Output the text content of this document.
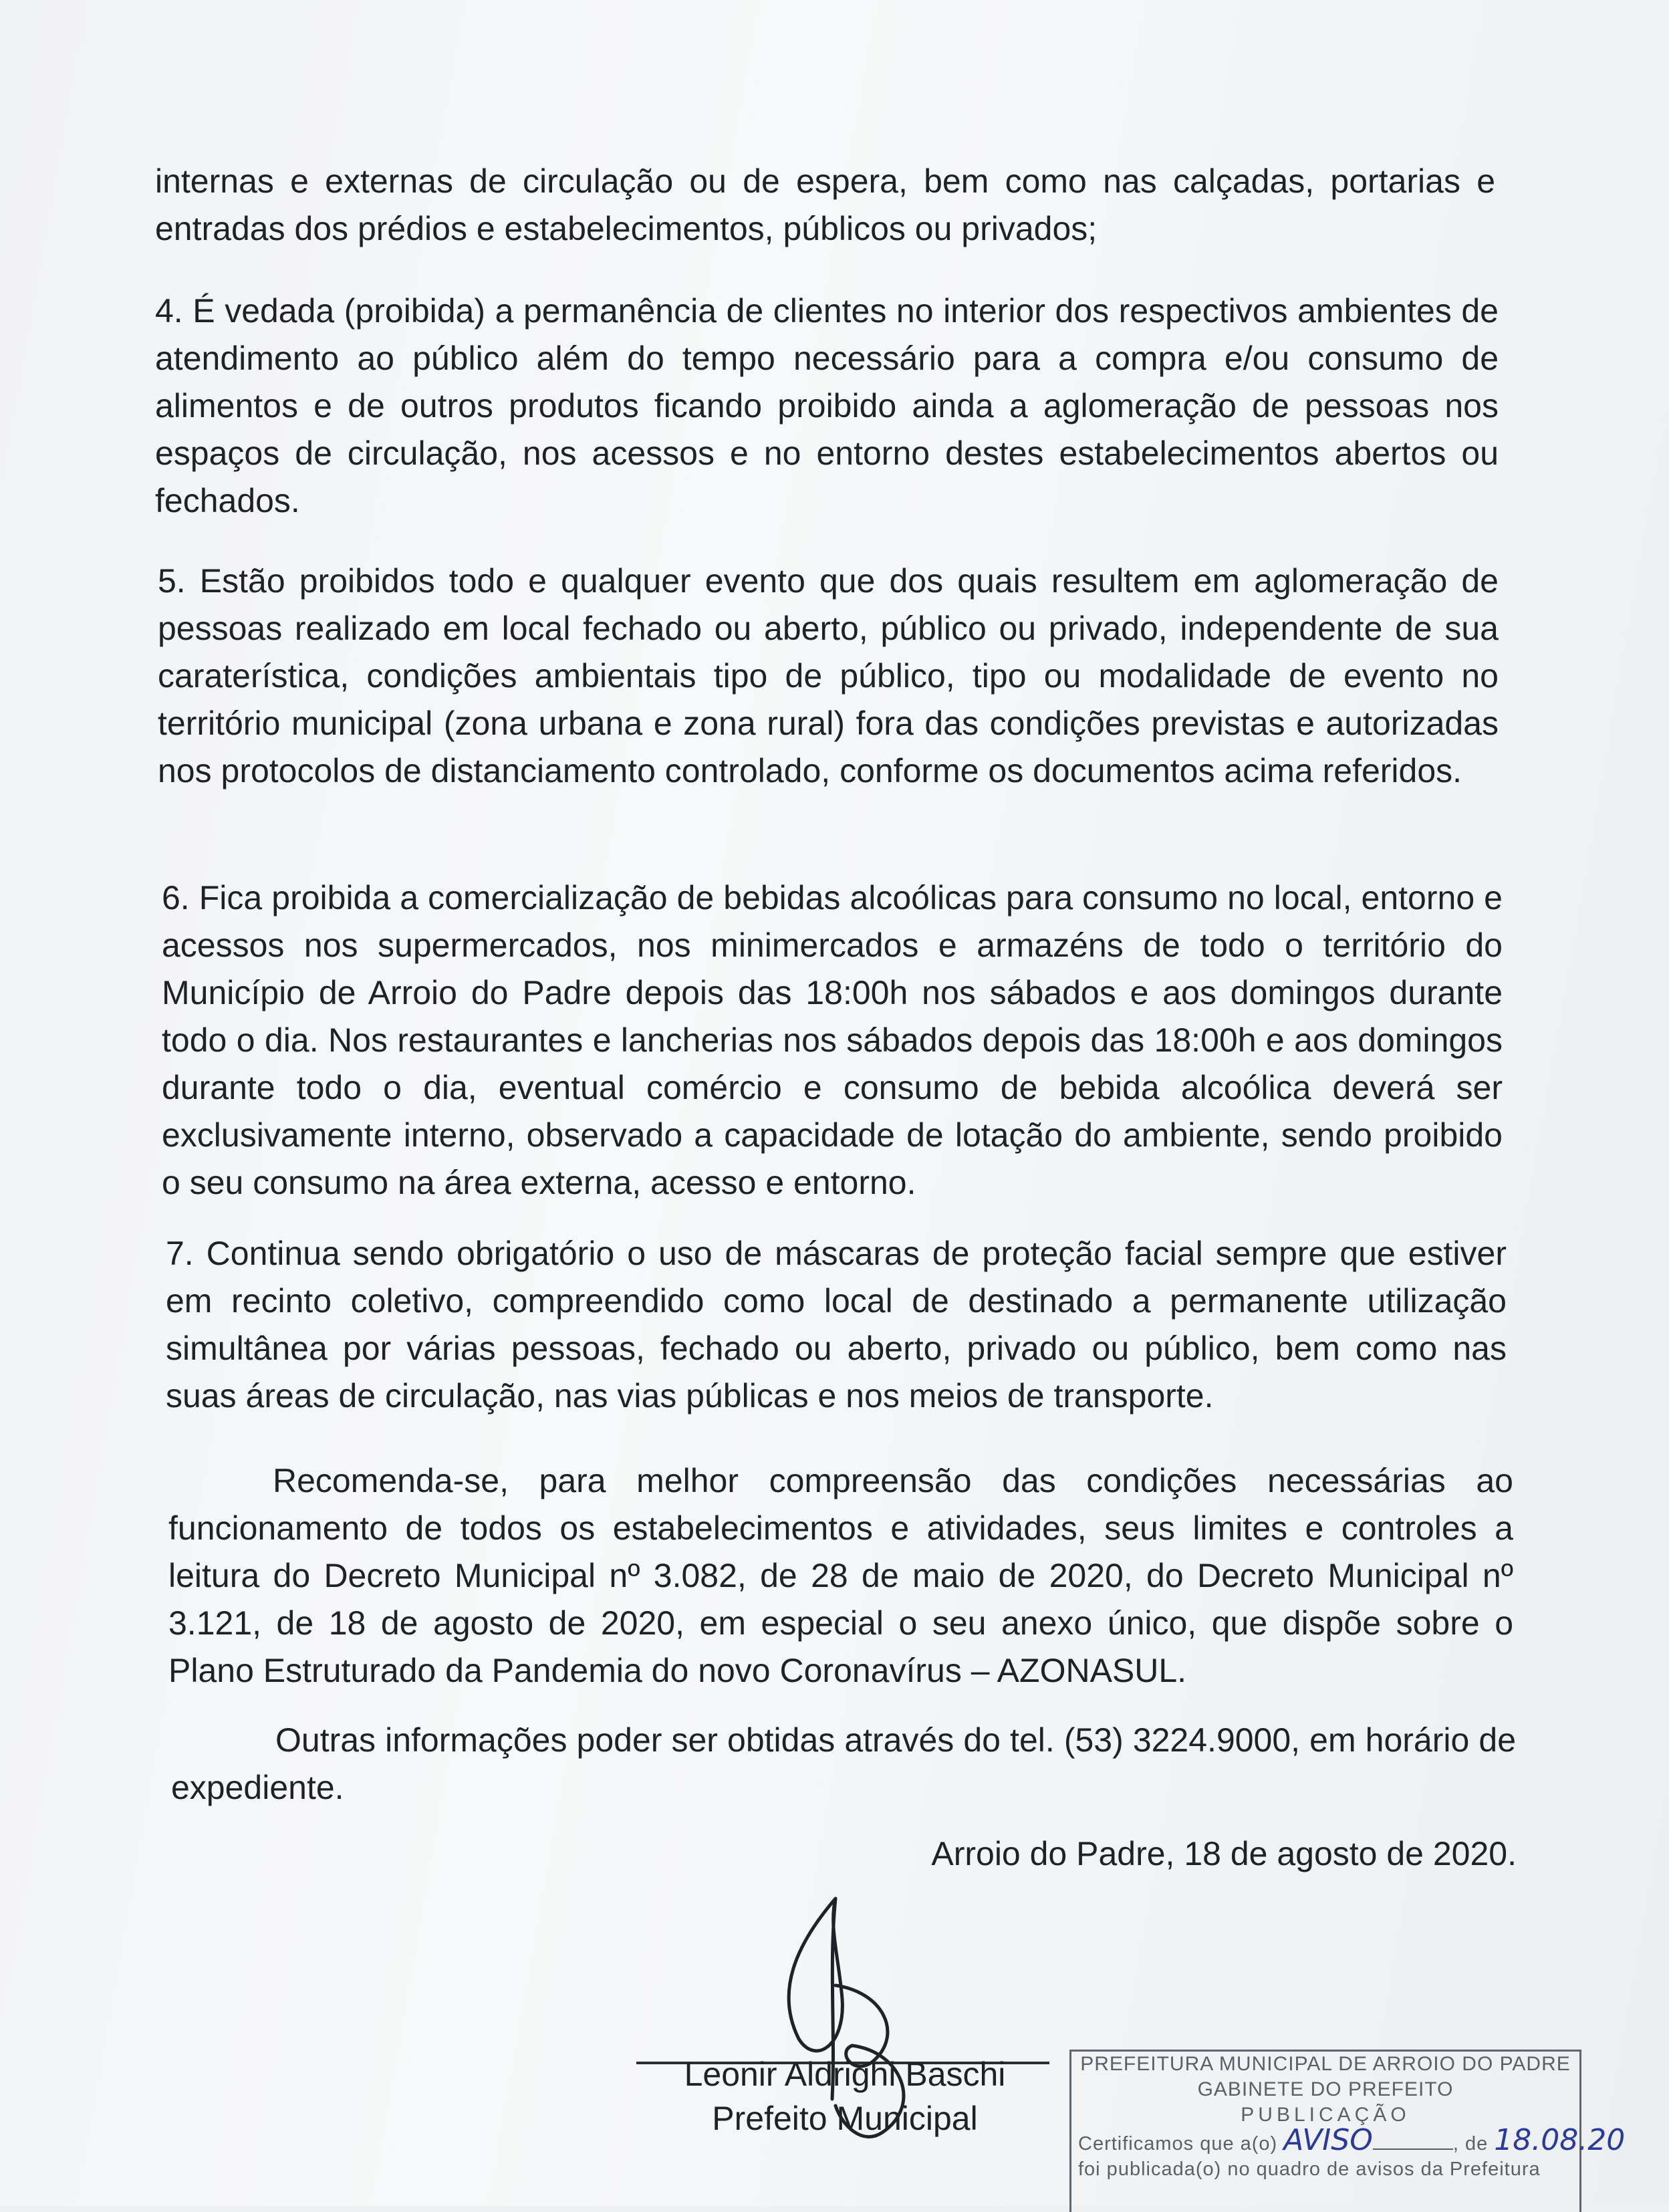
internas e externas de circulação ou de espera, bem como nas calçadas, portarias e entradas dos prédios e estabelecimentos, públicos ou privados;

4. É vedada (proibida) a permanência de clientes no interior dos respectivos ambientes de atendimento ao público além do tempo necessário para a compra e/ou consumo de alimentos e de outros produtos ficando proibido ainda a aglomeração de pessoas nos espaços de circulação, nos acessos e no entorno destes estabelecimentos abertos ou fechados.

5. Estão proibidos todo e qualquer evento que dos quais resultem em aglomeração de pessoas realizado em local fechado ou aberto, público ou privado, independente de sua caraterística, condições ambientais tipo de público, tipo ou modalidade de evento no território municipal (zona urbana e zona rural) fora das condições previstas e autorizadas nos protocolos de distanciamento controlado, conforme os documentos acima referidos.

6. Fica proibida a comercialização de bebidas alcoólicas para consumo no local, entorno e acessos nos supermercados, nos minimercados e armazéns de todo o território do Município de Arroio do Padre depois das 18:00h nos sábados e aos domingos durante todo o dia. Nos restaurantes e lancherias nos sábados depois das 18:00h e aos domingos durante todo o dia, eventual comércio e consumo de bebida alcoólica deverá ser exclusivamente interno, observado a capacidade de lotação do ambiente, sendo proibido o seu consumo na área externa, acesso e entorno.

7. Continua sendo obrigatório o uso de máscaras de proteção facial sempre que estiver em recinto coletivo, compreendido como local de destinado a permanente utilização simultânea por várias pessoas, fechado ou aberto, privado ou público, bem como nas suas áreas de circulação, nas vias públicas e nos meios de transporte.

Recomenda-se, para melhor compreensão das condições necessárias ao funcionamento de todos os estabelecimentos e atividades, seus limites e controles a leitura do Decreto Municipal nº 3.082, de 28 de maio de 2020, do Decreto Municipal nº 3.121, de 18 de agosto de 2020, em especial o seu anexo único, que dispõe sobre o Plano Estruturado da Pandemia do novo Coronavírus – AZONASUL.

Outras informações poder ser obtidas através do tel. (53) 3224.9000, em horário de expediente.

Arroio do Padre, 18 de agosto de 2020.
Leonir Aldrighi Baschi
Prefeito Municipal
PREFEITURA MUNICIPAL DE ARROIO DO PADRE
GABINETE DO PREFEITO
PUBLICAÇÃO
Certificamos que a(o) AVISO	, de 18.08.20
foi publicada(o) no quadro de avisos da Prefeitura
